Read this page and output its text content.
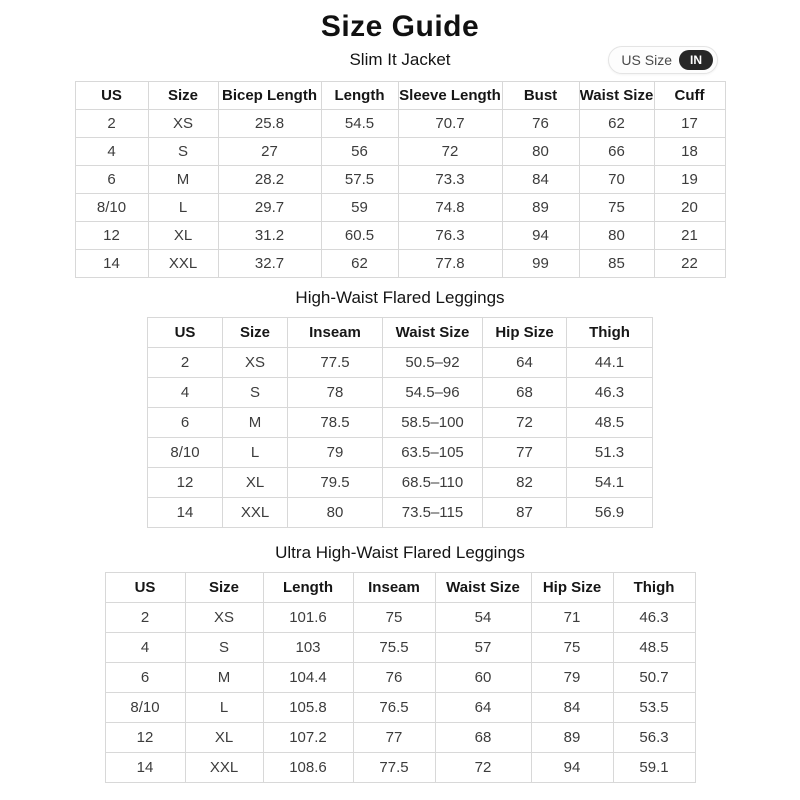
Size Guide
US Size	IN
Slim It Jacket
US	Size	Bicep Length	Length	Sleeve Length	Bust	Waist Size	Cuff
2	XS	25.8	54.5	70.7	76	62	17
4	S	27	56	72	80	66	18
6	M	28.2	57.5	73.3	84	70	19
8/10	L	29.7	59	74.8	89	75	20
12	XL	31.2	60.5	76.3	94	80	21
14	XXL	32.7	62	77.8	99	85	22
High-Waist Flared Leggings
US	Size	Inseam	Waist Size	Hip Size	Thigh
2	XS	77.5	50.5–92	64	44.1
4	S	78	54.5–96	68	46.3
6	M	78.5	58.5–100	72	48.5
8/10	L	79	63.5–105	77	51.3
12	XL	79.5	68.5–110	82	54.1
14	XXL	80	73.5–115	87	56.9
Ultra High-Waist Flared Leggings
US	Size	Length	Inseam	Waist Size	Hip Size	Thigh
2	XS	101.6	75	54	71	46.3
4	S	103	75.5	57	75	48.5
6	M	104.4	76	60	79	50.7
8/10	L	105.8	76.5	64	84	53.5
12	XL	107.2	77	68	89	56.3
14	XXL	108.6	77.5	72	94	59.1
